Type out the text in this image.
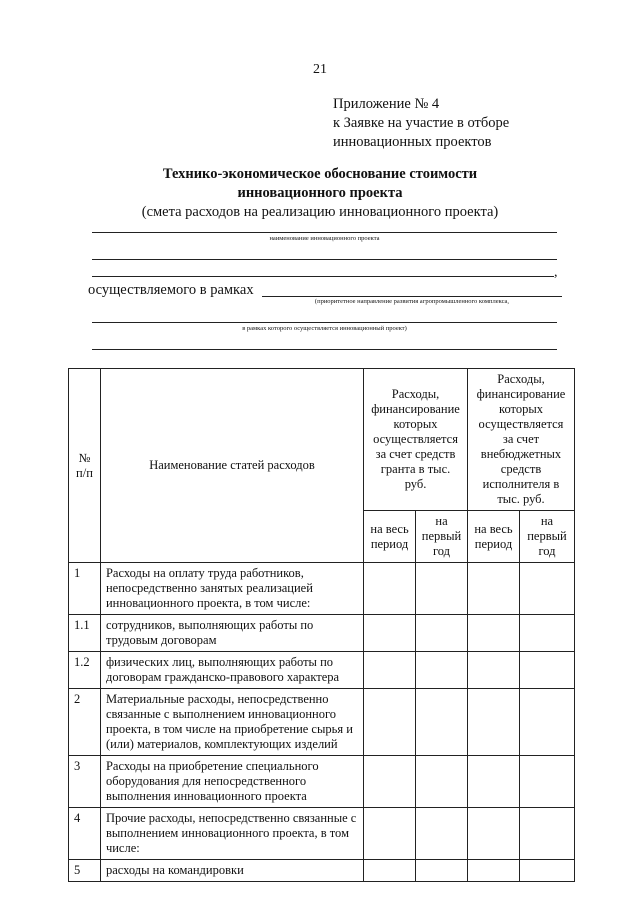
21
Приложение № 4
к Заявке на участие в отборе
инновационных проектов
Технико-экономическое обоснование стоимости
инновационного проекта
(смета расходов на реализацию инновационного проекта)
наименование инновационного проекта
,
осуществляемого в рамках
(приоритетное направление развития агропромышленного комплекса,
в рамках которого осуществляется инновационный проект)
№ п/п	Наименование статей расходов	Расходы, финансирование которых осуществляется за счет средств гранта в тыс. руб.		Расходы, финансирование которых осуществляется за счет внебюджетных средств исполнителя в тыс. руб.	
		на весь период	на первый год	на весь период	на первый год
1	Расходы на оплату труда работников, непосредственно занятых реализацией инновационного проекта, в том числе:				
1.1	сотрудников, выполняющих работы по трудовым договорам				
1.2	физических лиц, выполняющих работы по договорам гражданско-правового характера				
2	Материальные расходы, непосредственно связанные с выполнением инновационного проекта, в том числе на приобретение сырья и (или) материалов, комплектующих изделий				
3	Расходы на приобретение специального оборудования для непосредственного выполнения инновационного проекта				
4	Прочие расходы, непосредственно связанные с выполнением инновационного проекта, в том числе:				
5	расходы на командировки				
